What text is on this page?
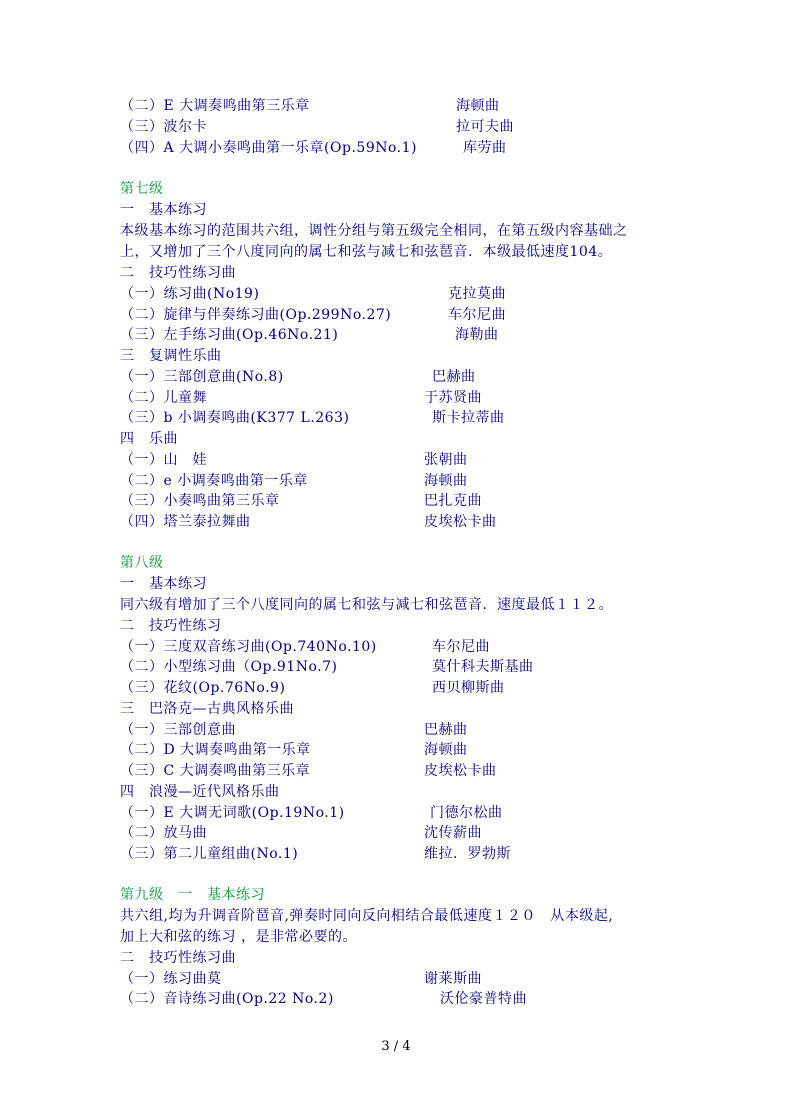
（二）E 大调奏鸣曲第三乐章	海顿曲
（三）波尔卡	拉可夫曲
（四）A 大调小奏鸣曲第一乐章(Op.59No.1)	库劳曲
第七级
一　基本练习
本级基本练习的范围共六组，调性分组与第五级完全相同，在第五级内容基础之
上，又增加了三个八度同向的属七和弦与减七和弦琶音．本级最低速度104。
二　技巧性练习曲
（一）练习曲(No19)	克拉莫曲
（二）旋律与伴奏练习曲(Op.299No.27)	车尔尼曲
（三）左手练习曲(Op.46No.21)	海勒曲
三　复调性乐曲
（一）三部创意曲(No.8)	巴赫曲
（二）儿童舞	于苏贤曲
（三）b 小调奏鸣曲(K377 L.263)	斯卡拉蒂曲
四　乐曲
（一）山　娃	张朝曲
（二）e 小调奏鸣曲第一乐章	海顿曲
（三）小奏鸣曲第三乐章	巴扎克曲
（四）塔兰泰拉舞曲	皮埃松卡曲
第八级
一　基本练习
同六级有增加了三个八度同向的属七和弦与减七和弦琶音．速度最低１１２。
二　技巧性练习
（一）三度双音练习曲(Op.740No.10)	车尔尼曲
（二）小型练习曲（Op.91No.7)	莫什科夫斯基曲
（三）花纹(Op.76No.9)	西贝柳斯曲
三　巴洛克—古典风格乐曲
（一）三部创意曲	巴赫曲
（二）D 大调奏鸣曲第一乐章	海顿曲
（三）C 大调奏鸣曲第三乐章	皮埃松卡曲
四　浪漫—近代风格乐曲
（一）E 大调无词歌(Op.19No.1)	门德尔松曲
（二）放马曲	沈传薪曲
（三）第二儿童组曲(No.1)	维拉．罗勃斯
第九级　一　基本练习
共六组,均为升调音阶琶音,弹奏时同向反向相结合最低速度１２０　从本级起,
加上大和弦的练习 ，是非常必要的。
二　技巧性练习曲
（一）练习曲莫	谢莱斯曲
（二）音诗练习曲(Op.22 No.2)	沃伦豪普特曲
3 / 4
